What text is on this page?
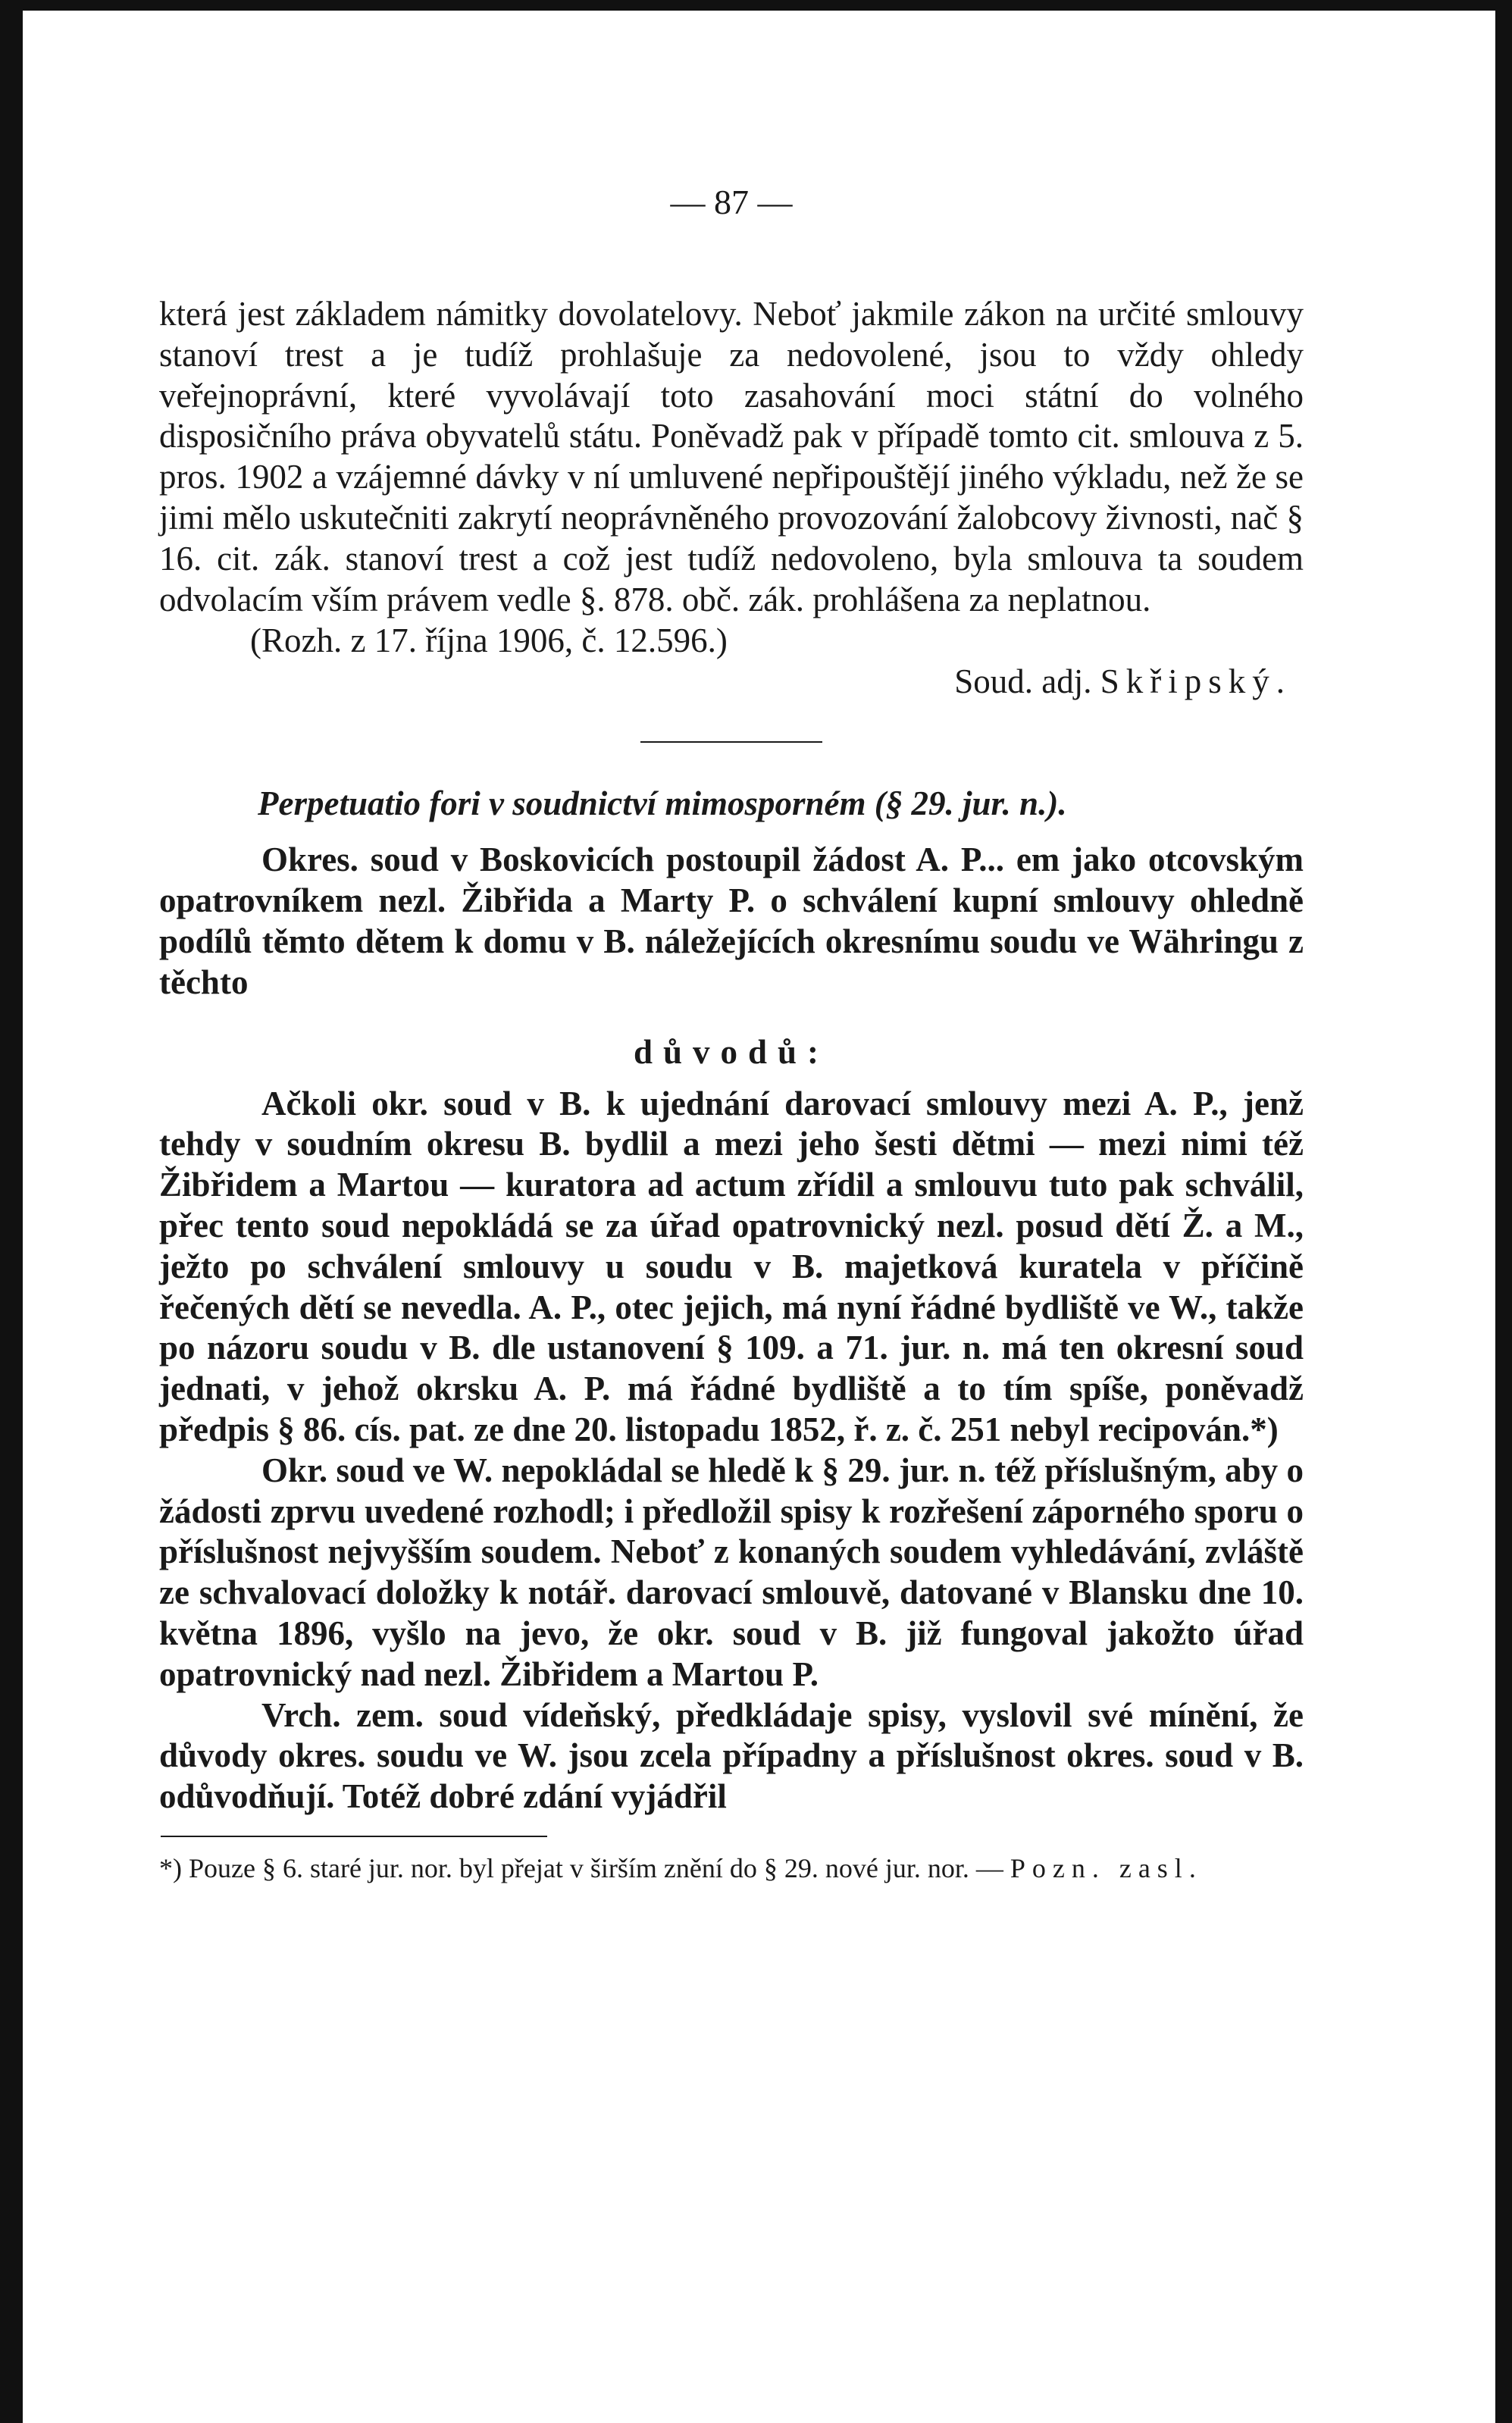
— 87 —

která jest základem námitky dovolatelovy. Neboť jakmile zákon na určité smlouvy stanoví trest a je tudíž prohlašuje za nedovolené, jsou to vždy ohledy veřejnoprávní, které vyvolávají toto zasahování moci státní do volného disposičního práva obyvatelů státu. Poněvadž pak v případě tomto cit. smlouva z 5. pros. 1902 a vzájemné dávky v ní umluvené nepřipouštějí jiného výkladu, než že se jimi mělo uskutečniti zakrytí neoprávněného provozování žalobcovy živnosti, nač § 16. cit. zák. stanoví trest a což jest tudíž nedovoleno, byla smlouva ta soudem odvolacím vším právem vedle §. 878. obč. zák. prohlášena za neplatnou.

(Rozh. z 17. října 1906, č. 12.596.)

Soud. adj. Skřipský.

Perpetuatio fori v soudnictví mimosporném (§ 29. jur. n.).

Okres. soud v Boskovicích postoupil žádost A. P... em jako otcovským opatrovníkem nezl. Žibřida a Marty P. o schválení kupní smlouvy ohledně podílů těmto dětem k domu v B. náležejících okresnímu soudu ve Währingu z těchto

důvodů:

Ačkoli okr. soud v B. k ujednání darovací smlouvy mezi A. P., jenž tehdy v soudním okresu B. bydlil a mezi jeho šesti dětmi — mezi nimi též Žibřidem a Martou — kuratora ad actum zřídil a smlouvu tuto pak schválil, přec tento soud nepokládá se za úřad opatrovnický nezl. posud dětí Ž. a M., ježto po schválení smlouvy u soudu v B. majetková kuratela v příčině řečených dětí se nevedla. A. P., otec jejich, má nyní řádné bydliště ve W., takže po názoru soudu v B. dle ustanovení § 109. a 71. jur. n. má ten okresní soud jednati, v jehož okrsku A. P. má řádné bydliště a to tím spíše, poněvadž předpis § 86. cís. pat. ze dne 20. listopadu 1852, ř. z. č. 251 nebyl recipován.*)

Okr. soud ve W. nepokládal se hledě k § 29. jur. n. též příslušným, aby o žádosti zprvu uvedené rozhodl; i předložil spisy k rozřešení záporného sporu o příslušnost nejvyšším soudem. Neboť z konaných soudem vyhledávání, zvláště ze schvalovací doložky k notář. darovací smlouvě, datované v Blansku dne 10. května 1896, vyšlo na jevo, že okr. soud v B. již fungoval jakožto úřad opatrovnický nad nezl. Žibřidem a Martou P.

Vrch. zem. soud vídeňský, předkládaje spisy, vyslovil své mínění, že důvody okres. soudu ve W. jsou zcela případny a příslušnost okres. soud v B. odůvodňují. Totéž dobré zdání vyjádřil

*) Pouze § 6. staré jur. nor. byl přejat v širším znění do § 29. nové jur. nor. — Pozn. zasl.
